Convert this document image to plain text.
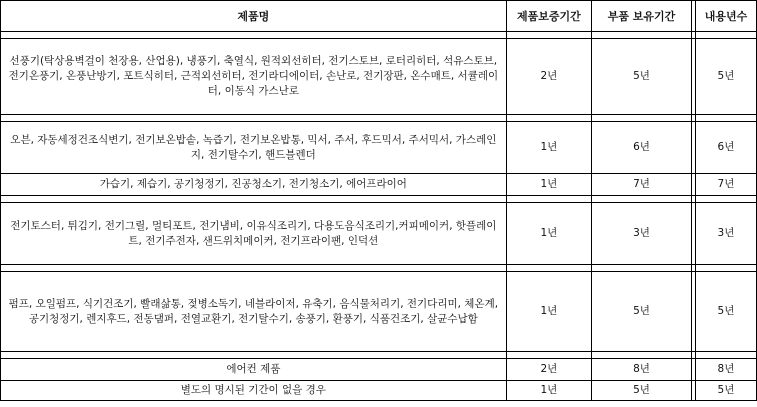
제품명	제품보증기간	부품 보유기간		내용년수

선풍기(탁상용벽걸이 천장용, 산업용), 냉풍기, 축열식, 원적외선히터, 전기스토브, 로터리히터, 석유스토브, 전기온풍기, 온풍난방기, 포트식히터, 근적외선히터, 전기라디에이터, 손난로, 전기장판, 온수매트, 서큘레이터, 이동식 가스난로	2년	5년		5년

오븐, 자동세정건조식변기, 전기보온밥솥, 녹즙기, 전기보온밥통, 믹서, 주서, 후드믹서, 주서믹서, 가스레인지, 전기탈수기, 핸드블렌더	1년	6년		6년
가습기, 제습기, 공기청정기, 진공청소기, 전기청소기, 에어프라이어	1년	7년		7년

전기토스터, 튀김기, 전기그릴, 멀티포트, 전기냄비, 이유식조리기, 다용도음식조리기,커피메이커, 핫플레이트, 전기주전자, 샌드위치메이커, 전기프라이팬, 인덕션	1년	3년		3년

펌프, 오일펌프, 식기건조기, 빨래삶통, 젖병소독기, 네블라이저, 유축기, 음식물처리기, 전기다리미, 체온계, 공기청정기, 렌지후드, 전동댐퍼, 전열교환기, 전기탈수기, 송풍기, 환풍기, 식품건조기, 살균수납함	1년	5년		5년

에어컨 제품	2년	8년		8년
별도의 명시된 기간이 없을 경우	1년	5년		5년
